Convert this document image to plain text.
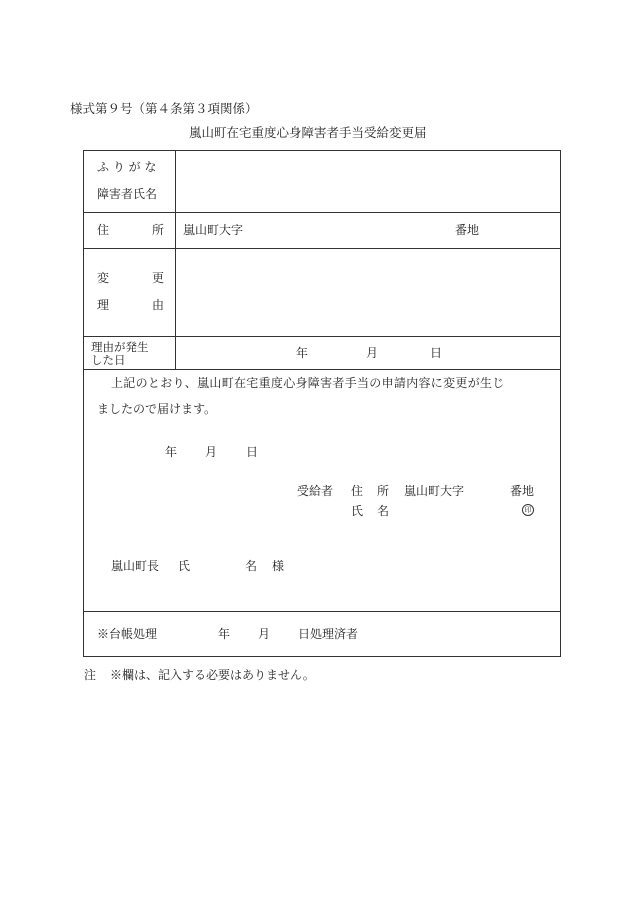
様式第９号（第４条第３項関係）
嵐山町在宅重度心身障害者手当受給変更届
ふ り が な
障害者氏名
住	所 嵐山町大字	番地
変	更
理	由
理由が発生
した日	年	月	日
上記のとおり、嵐山町在宅重度心身障害者手当の申請内容に変更が生じ
ましたので届けます。
年 月 日
受給者 住 所 嵐山町大字	番地
氏 名	印
嵐山町長 氏	名 様
※台帳処理	年 月 日処理済者
注 ※欄は、記入する必要はありません。
